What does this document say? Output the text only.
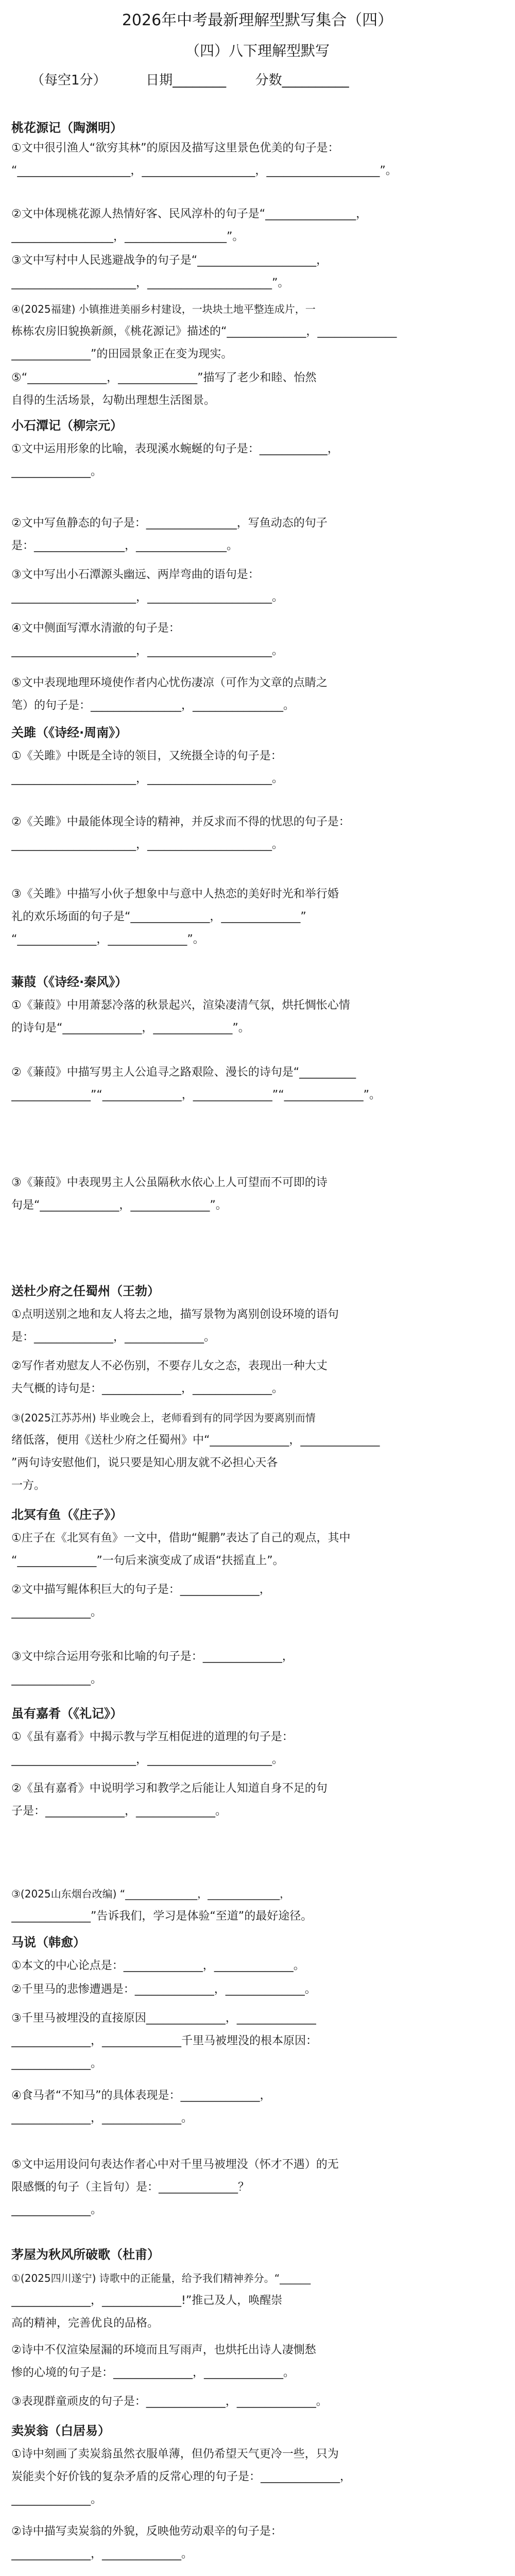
2026年中考最新理解型默写集合（四）
（四）八下理解型默写
（每空1分）	日期________ 分数__________
桃花源记（陶渊明）
①文中很引渔人“欲穷其林”的原因及描写这里景色优美的句子是：
“____________________，____________________，____________________”。
②文中体现桃花源人热情好客、民风淳朴的句子是“________________，
__________________，__________________”。
③文中写村中人民逃避战争的句子是“_____________________，
______________________，______________________”。
④(2025福建) 小镇推进美丽乡村建设，一块块土地平整连成片，一
栋栋农房旧貌换新颜，《桃花源记》描述的“______________，______________
______________”的田园景象正在变为现实。
⑤“______________，______________”描写了老少和睦、怡然
自得的生活场景，勾勒出理想生活图景。
小石潭记（柳宗元）
①文中运用形象的比喻，表现溪水蜿蜒的句子是：____________，
______________。
②文中写鱼静态的句子是：________________，写鱼动态的句子
是：________________，________________。
③文中写出小石潭源头幽远、两岸弯曲的语句是：
______________________，______________________。
④文中侧面写潭水清澈的句子是：
______________________，______________________。
⑤文中表现地理环境使作者内心忧伤凄凉（可作为文章的点睛之
笔）的句子是：________________，________________。
关雎（《诗经·周南》）
①《关雎》中既是全诗的领目，又统摄全诗的句子是：
______________________，______________________。
②《关雎》中最能体现全诗的精神，并反求而不得的忧思的句子是：
______________________，______________________。
③《关雎》中描写小伙子想象中与意中人热恋的美好时光和举行婚
礼的欢乐场面的句子是“______________，______________”
“______________，______________”。
蒹葭（《诗经·秦风》）
①《蒹葭》中用萧瑟冷落的秋景起兴，渲染凄清气氛，烘托惆怅心情
的诗句是“______________，______________”。
②《蒹葭》中描写男主人公追寻之路艰险、漫长的诗句是“__________
______________”“______________，______________”“______________”。
③《蒹葭》中表现男主人公虽隔秋水依心上人可望而不可即的诗
句是“______________，______________”。
送杜少府之任蜀州（王勃）
①点明送别之地和友人将去之地，描写景物为离别创设环境的语句
是：______________，______________。
②写作者劝慰友人不必伤别，不要存儿女之态，表现出一种大丈
夫气概的诗句是：______________，______________。
③(2025江苏苏州) 毕业晚会上，老师看到有的同学因为要离别而情
绪低落，便用《送杜少府之任蜀州》中“______________，______________
”两句诗安慰他们，说只要是知心朋友就不必担心天各
一方。
北冥有鱼（《庄子》）
①庄子在《北冥有鱼》一文中，借助“鲲鹏”表达了自己的观点，其中
“______________”一句后来演变成了成语“扶摇直上”。
②文中描写鲲体积巨大的句子是：______________，
______________。
③文中综合运用夸张和比喻的句子是：______________，
______________。
虽有嘉肴（《礼记》）
①《虽有嘉肴》中揭示教与学互相促进的道理的句子是：
______________________，______________________。
②《虽有嘉肴》中说明学习和教学之后能让人知道自身不足的句
子是：______________，______________。
③(2025山东烟台改编) “______________，______________，
______________”告诉我们，学习是体验“至道”的最好途径。
马说（韩愈）
①本文的中心论点是：______________，______________。
②千里马的悲惨遭遇是：______________，______________。
③千里马被埋没的直接原因______________，______________
______________，______________千里马被埋没的根本原因：
______________。
④食马者“不知马”的具体表现是：______________，
______________，______________。
⑤文中运用设问句表达作者心中对千里马被埋没（怀才不遇）的无
限感慨的句子（主旨句）是：______________？
______________。
茅屋为秋风所破歌（杜甫）
①(2025四川遂宁) 诗歌中的正能量，给予我们精神养分。“______
______________，______________!”推己及人，唤醒崇
高的精神，完善优良的品格。
②诗中不仅渲染屋漏的环境而且写雨声，也烘托出诗人凄惻愁
惨的心境的句子是：______________，______________。
③表现群童顽皮的句子是：______________，______________。
卖炭翁（白居易）
①诗中刻画了卖炭翁虽然衣服单薄，但仍希望天气更冷一些，只为
炭能卖个好价钱的复杂矛盾的反常心理的句子是：______________，
______________。
②诗中描写卖炭翁的外貌，反映他劳动艰辛的句子是：
______________，______________。
